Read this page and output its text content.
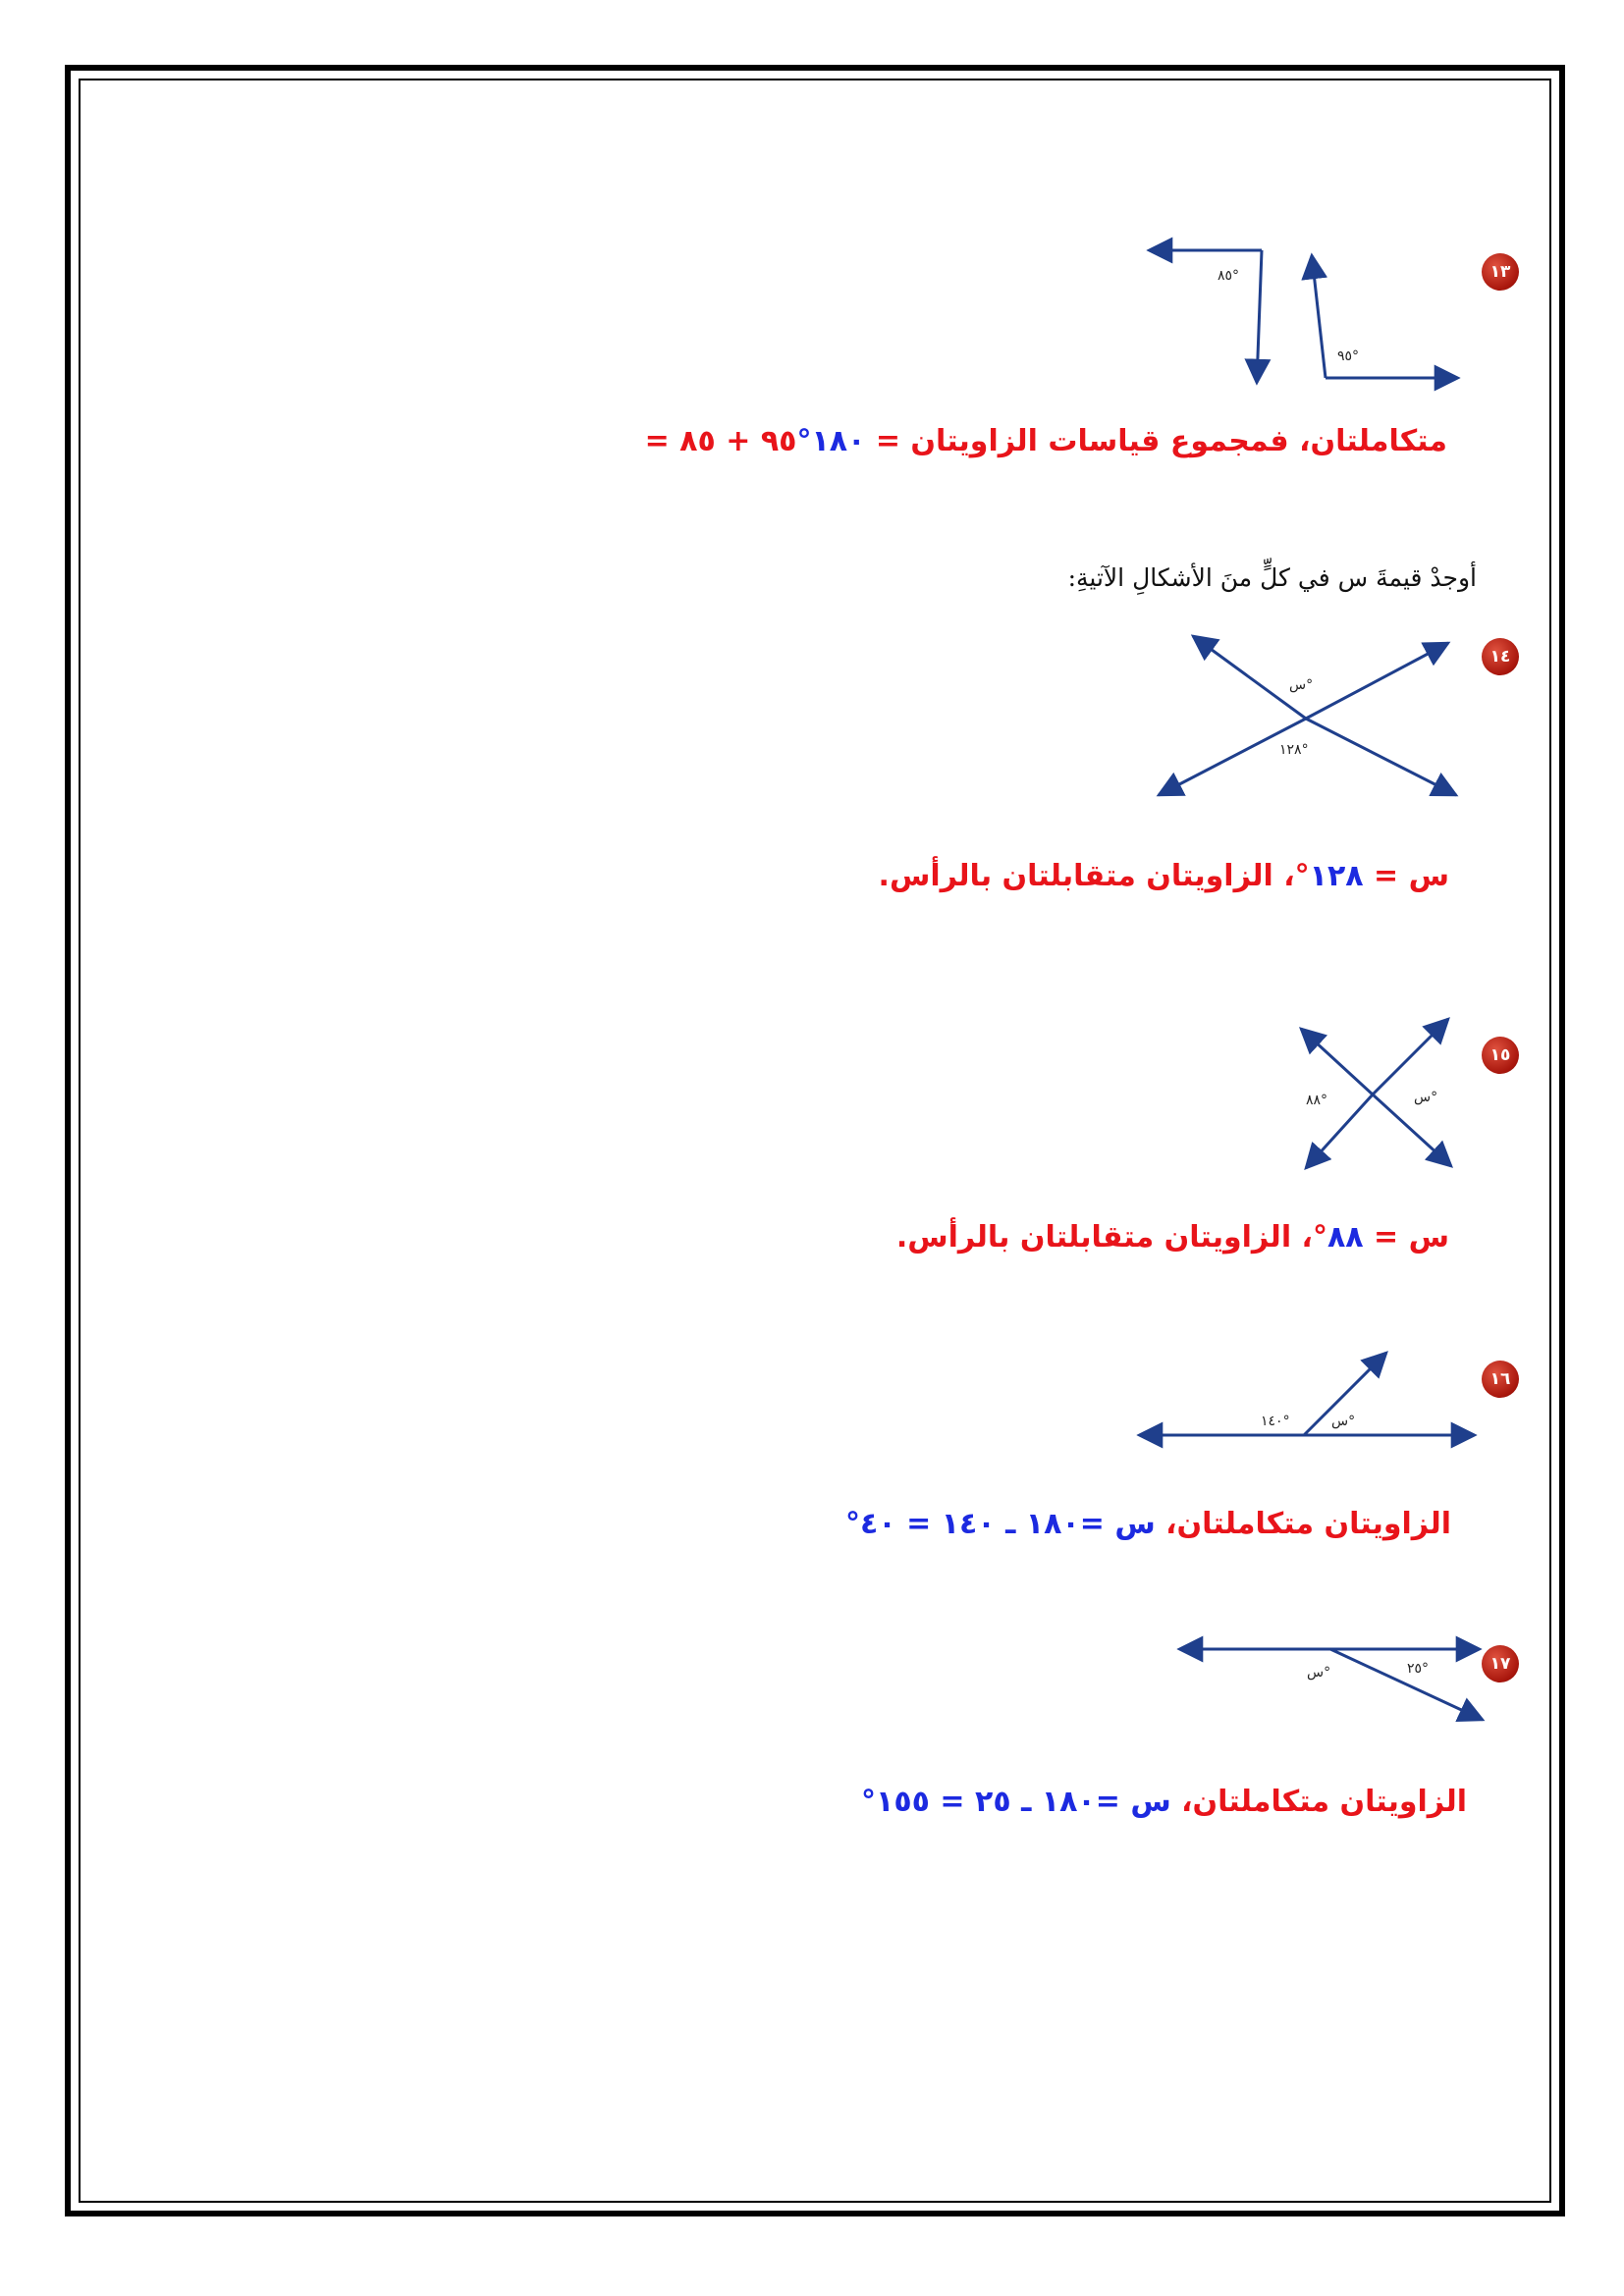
١٣
٨٥°
٩٥°
متكاملتان، فمجموع قياسات الزاويتان = ١٨٠°٩٥ + ٨٥ =
أوجدْ قيمةَ س في كلٍّ منَ الأشكالِ الآتيةِ:
١٤
س°
١٢٨°
س = ١٢٨°، الزاويتان متقابلتان بالرأس.
١٥
س°
٨٨°
س = ٨٨°، الزاويتان متقابلتان بالرأس.
١٦
١٤٠°	س°
الزاويتان متكاملتان، س =١٨٠ ـ ١٤٠ = ٤٠°
١٧
س°	٢٥°
الزاويتان متكاملتان، س =١٨٠ ـ ٢٥ = ١٥٥°
